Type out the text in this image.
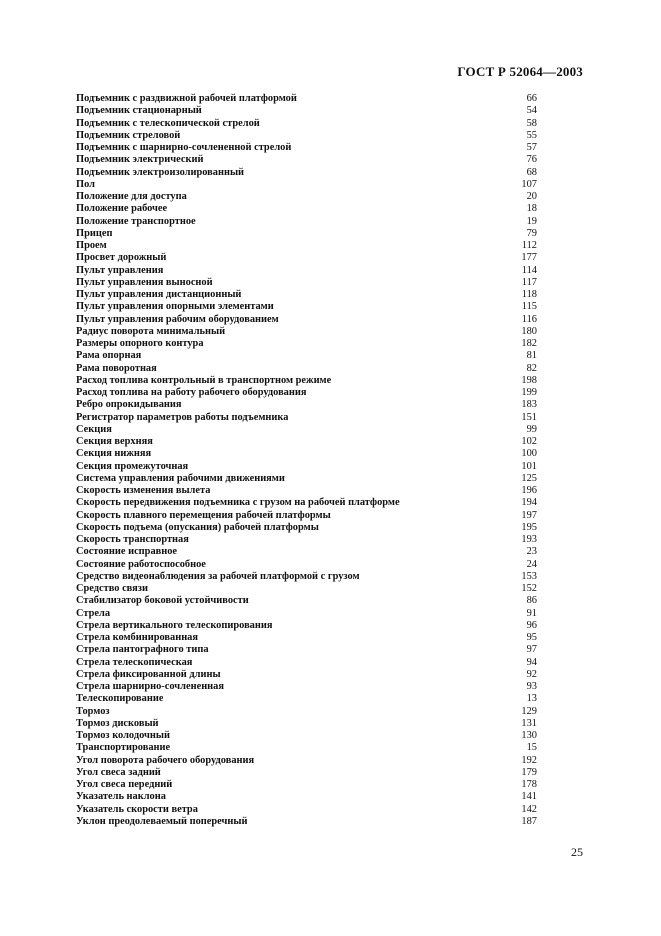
ГОСТ Р 52064—2003
Подъемник с раздвижной рабочей платформой	66
Подъемник стационарный	54
Подъемник с телескопической стрелой	58
Подъемник стреловой	55
Подъемник с шарнирно-сочлененной стрелой	57
Подъемник электрический	76
Подъемник электроизолированный	68
Пол	107
Положение для доступа	20
Положение рабочее	18
Положение транспортное	19
Прицеп	79
Проем	112
Просвет дорожный	177
Пульт управления	114
Пульт управления выносной	117
Пульт управления дистанционный	118
Пульт управления опорными элементами	115
Пульт управления рабочим оборудованием	116
Радиус поворота минимальный	180
Размеры опорного контура	182
Рама опорная	81
Рама поворотная	82
Расход топлива контрольный в транспортном режиме	198
Расход топлива на работу рабочего оборудования	199
Ребро опрокидывания	183
Регистратор параметров работы подъемника	151
Секция	99
Секция верхняя	102
Секция нижняя	100
Секция промежуточная	101
Система управления рабочими движениями	125
Скорость изменения вылета	196
Скорость передвижения подъемника с грузом на рабочей платформе	194
Скорость плавного перемещения рабочей платформы	197
Скорость подъема (опускания) рабочей платформы	195
Скорость транспортная	193
Состояние исправное	23
Состояние работоспособное	24
Средство видеонаблюдения за рабочей платформой с грузом	153
Средство связи	152
Стабилизатор боковой устойчивости	86
Стрела	91
Стрела вертикального телескопирования	96
Стрела комбинированная	95
Стрела пантографного типа	97
Стрела телескопическая	94
Стрела фиксированной длины	92
Стрела шарнирно-сочлененная	93
Телескопирование	13
Тормоз	129
Тормоз дисковый	131
Тормоз колодочный	130
Транспортирование	15
Угол поворота рабочего оборудования	192
Угол свеса задний	179
Угол свеса передний	178
Указатель наклона	141
Указатель скорости ветра	142
Уклон преодолеваемый поперечный	187
25
